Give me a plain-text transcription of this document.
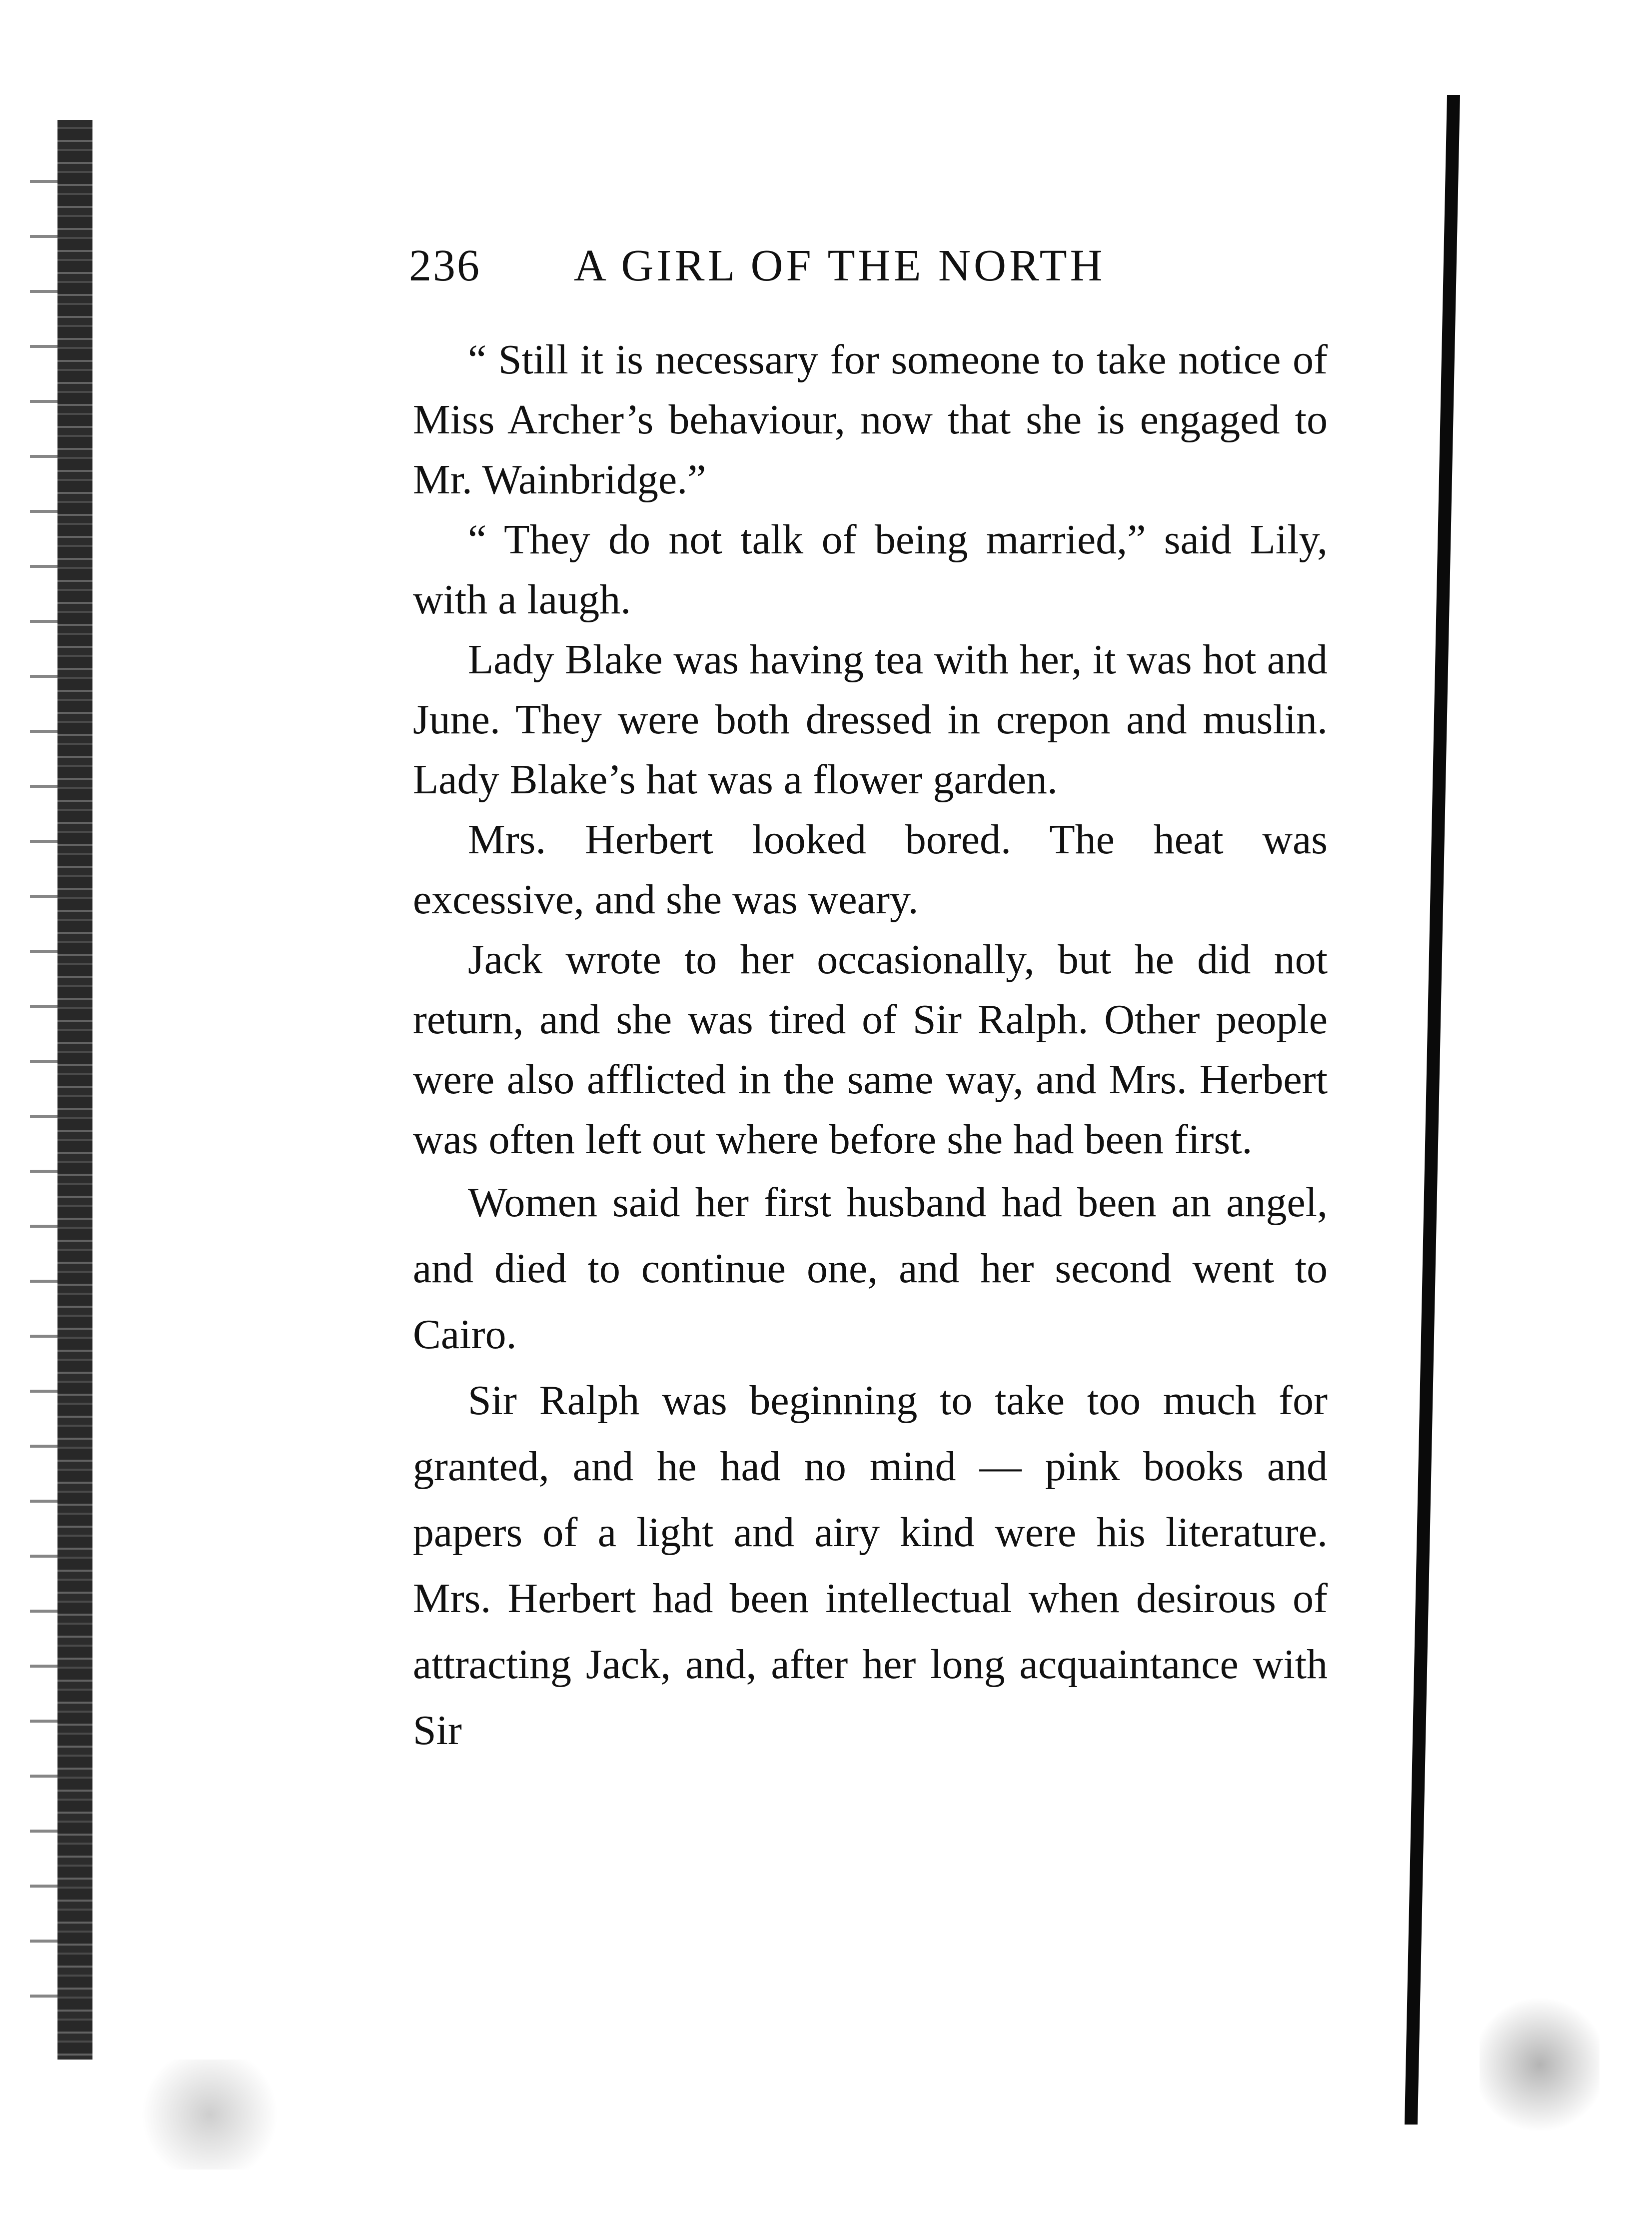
236	A GIRL OF THE NORTH

“ Still it is necessary for someone to take notice of Miss Archer’s behaviour, now that she is engaged to Mr. Wainbridge.”

“ They do not talk of being married,” said Lily, with a laugh.

Lady Blake was having tea with her, it was hot and June. They were both dressed in crepon and muslin. Lady Blake’s hat was a flower garden.

Mrs. Herbert looked bored. The heat was excessive, and she was weary.

Jack wrote to her occasionally, but he did not return, and she was tired of Sir Ralph. Other people were also afflicted in the same way, and Mrs. Herbert was often left out where before she had been first.

Women said her first husband had been an angel, and died to continue one, and her second went to Cairo.

Sir Ralph was beginning to take too much for granted, and he had no mind — pink books and papers of a light and airy kind were his literature. Mrs. Herbert had been intellectual when desirous of attracting Jack, and, after her long acquaintance with Sir
